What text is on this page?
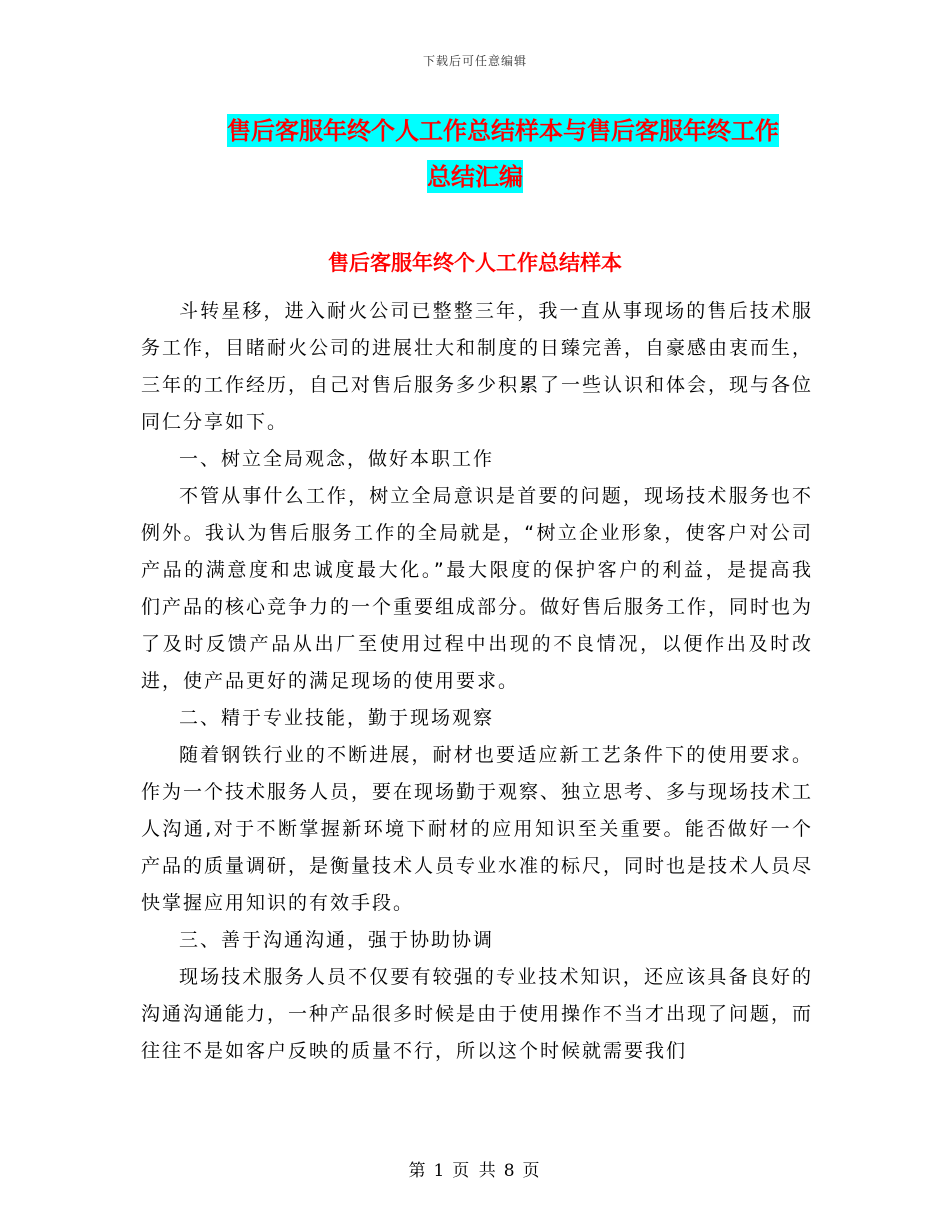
下载后可任意编辑
售后客服年终个人工作总结样本与售后客服年终工作
总结汇编
售后客服年终个人工作总结样本

斗转星移，进入耐火公司已整整三年，我一直从事现场的售后技术服务工作，目睹耐火公司的进展壮大和制度的日臻完善，自豪感由衷而生，三年的工作经历，自己对售后服务多少积累了一些认识和体会，现与各位同仁分享如下。

一、树立全局观念，做好本职工作

不管从事什么工作，树立全局意识是首要的问题，现场技术服务也不例外。我认为售后服务工作的全局就是，“树立企业形象，使客户对公司产品的满意度和忠诚度最大化。”最大限度的保护客户的利益，是提高我们产品的核心竞争力的一个重要组成部分。做好售后服务工作，同时也为了及时反馈产品从出厂至使用过程中出现的不良情况，以便作出及时改进，使产品更好的满足现场的使用要求。

二、精于专业技能，勤于现场观察

随着钢铁行业的不断进展，耐材也要适应新工艺条件下的使用要求。作为一个技术服务人员，要在现场勤于观察、独立思考、多与现场技术工人沟通,对于不断掌握新环境下耐材的应用知识至关重要。能否做好一个产品的质量调研，是衡量技术人员专业水准的标尺，同时也是技术人员尽快掌握应用知识的有效手段。

三、善于沟通沟通，强于协助协调

现场技术服务人员不仅要有较强的专业技术知识，还应该具备良好的沟通沟通能力，一种产品很多时候是由于使用操作不当才出现了问题，而往往不是如客户反映的质量不行，所以这个时候就需要我们

第 1 页 共 8 页
